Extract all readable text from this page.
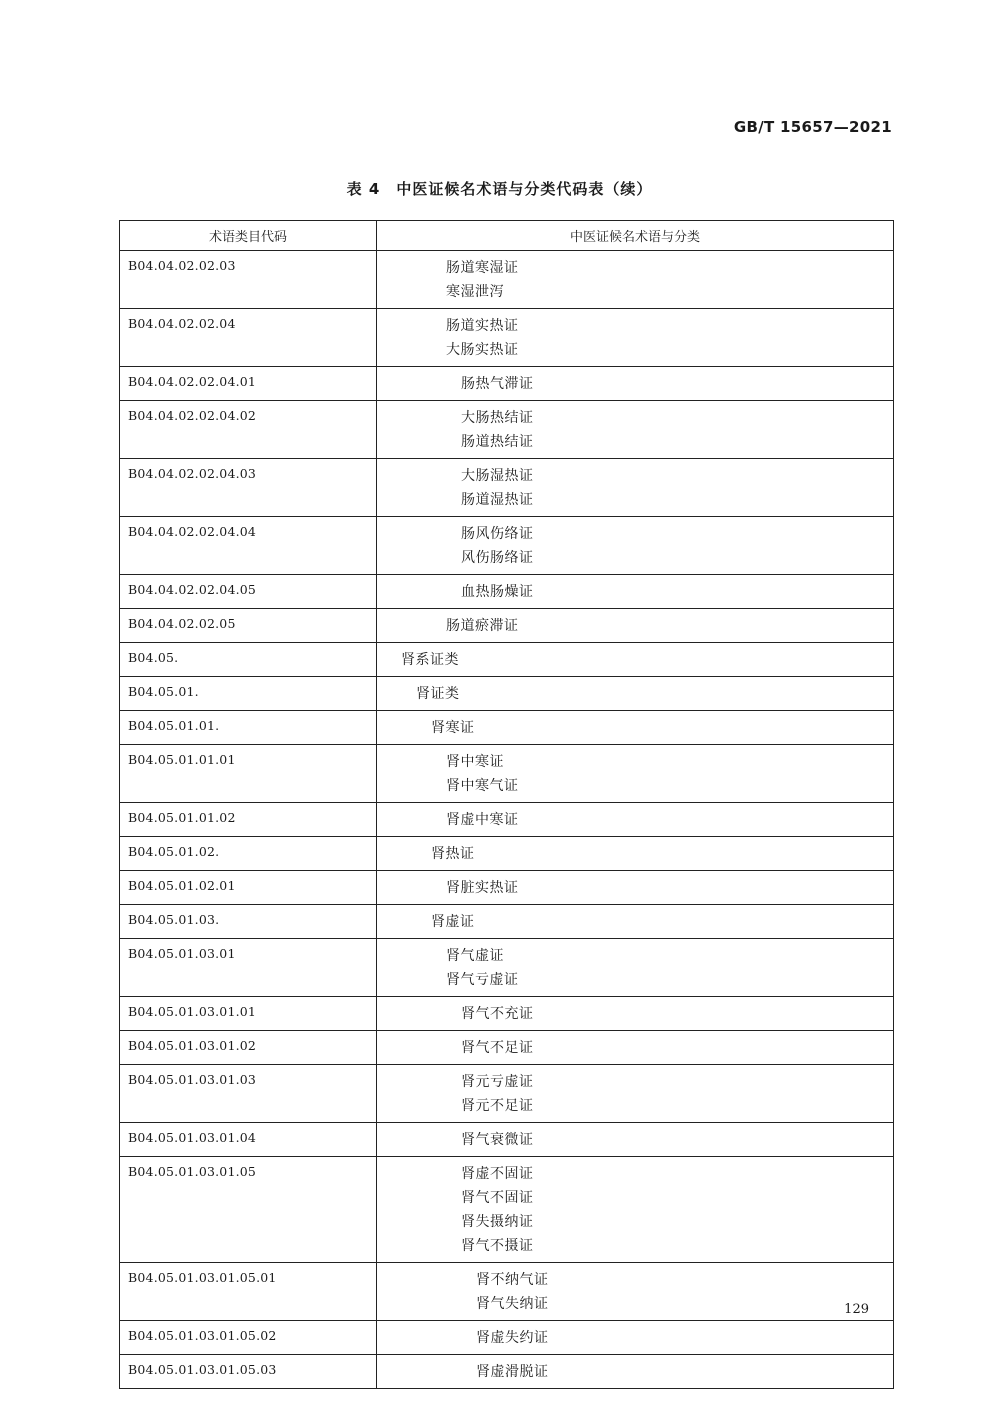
GB/T 15657—2021
表 4　中医证候名术语与分类代码表（续）
术语类目代码	中医证候名术语与分类
B04.04.02.02.03	肠道寒湿证
寒湿泄泻

B04.04.02.02.04	肠道实热证
大肠实热证

B04.04.02.02.04.01	肠热气滞证

B04.04.02.02.04.02	大肠热结证
肠道热结证

B04.04.02.02.04.03	大肠湿热证
肠道湿热证

B04.04.02.02.04.04	肠风伤络证
风伤肠络证

B04.04.02.02.04.05	血热肠燥证

B04.04.02.02.05	肠道瘀滞证

B04.05.	肾系证类

B04.05.01.	肾证类

B04.05.01.01.	肾寒证

B04.05.01.01.01	肾中寒证
肾中寒气证

B04.05.01.01.02	肾虚中寒证

B04.05.01.02.	肾热证

B04.05.01.02.01	肾脏实热证

B04.05.01.03.	肾虚证

B04.05.01.03.01	肾气虚证
肾气亏虚证

B04.05.01.03.01.01	肾气不充证

B04.05.01.03.01.02	肾气不足证

B04.05.01.03.01.03	肾元亏虚证
肾元不足证

B04.05.01.03.01.04	肾气衰微证

B04.05.01.03.01.05	肾虚不固证
肾气不固证
肾失摄纳证
肾气不摄证

B04.05.01.03.01.05.01	肾不纳气证
肾气失纳证

B04.05.01.03.01.05.02	肾虚失约证

B04.05.01.03.01.05.03	肾虚滑脱证
129
